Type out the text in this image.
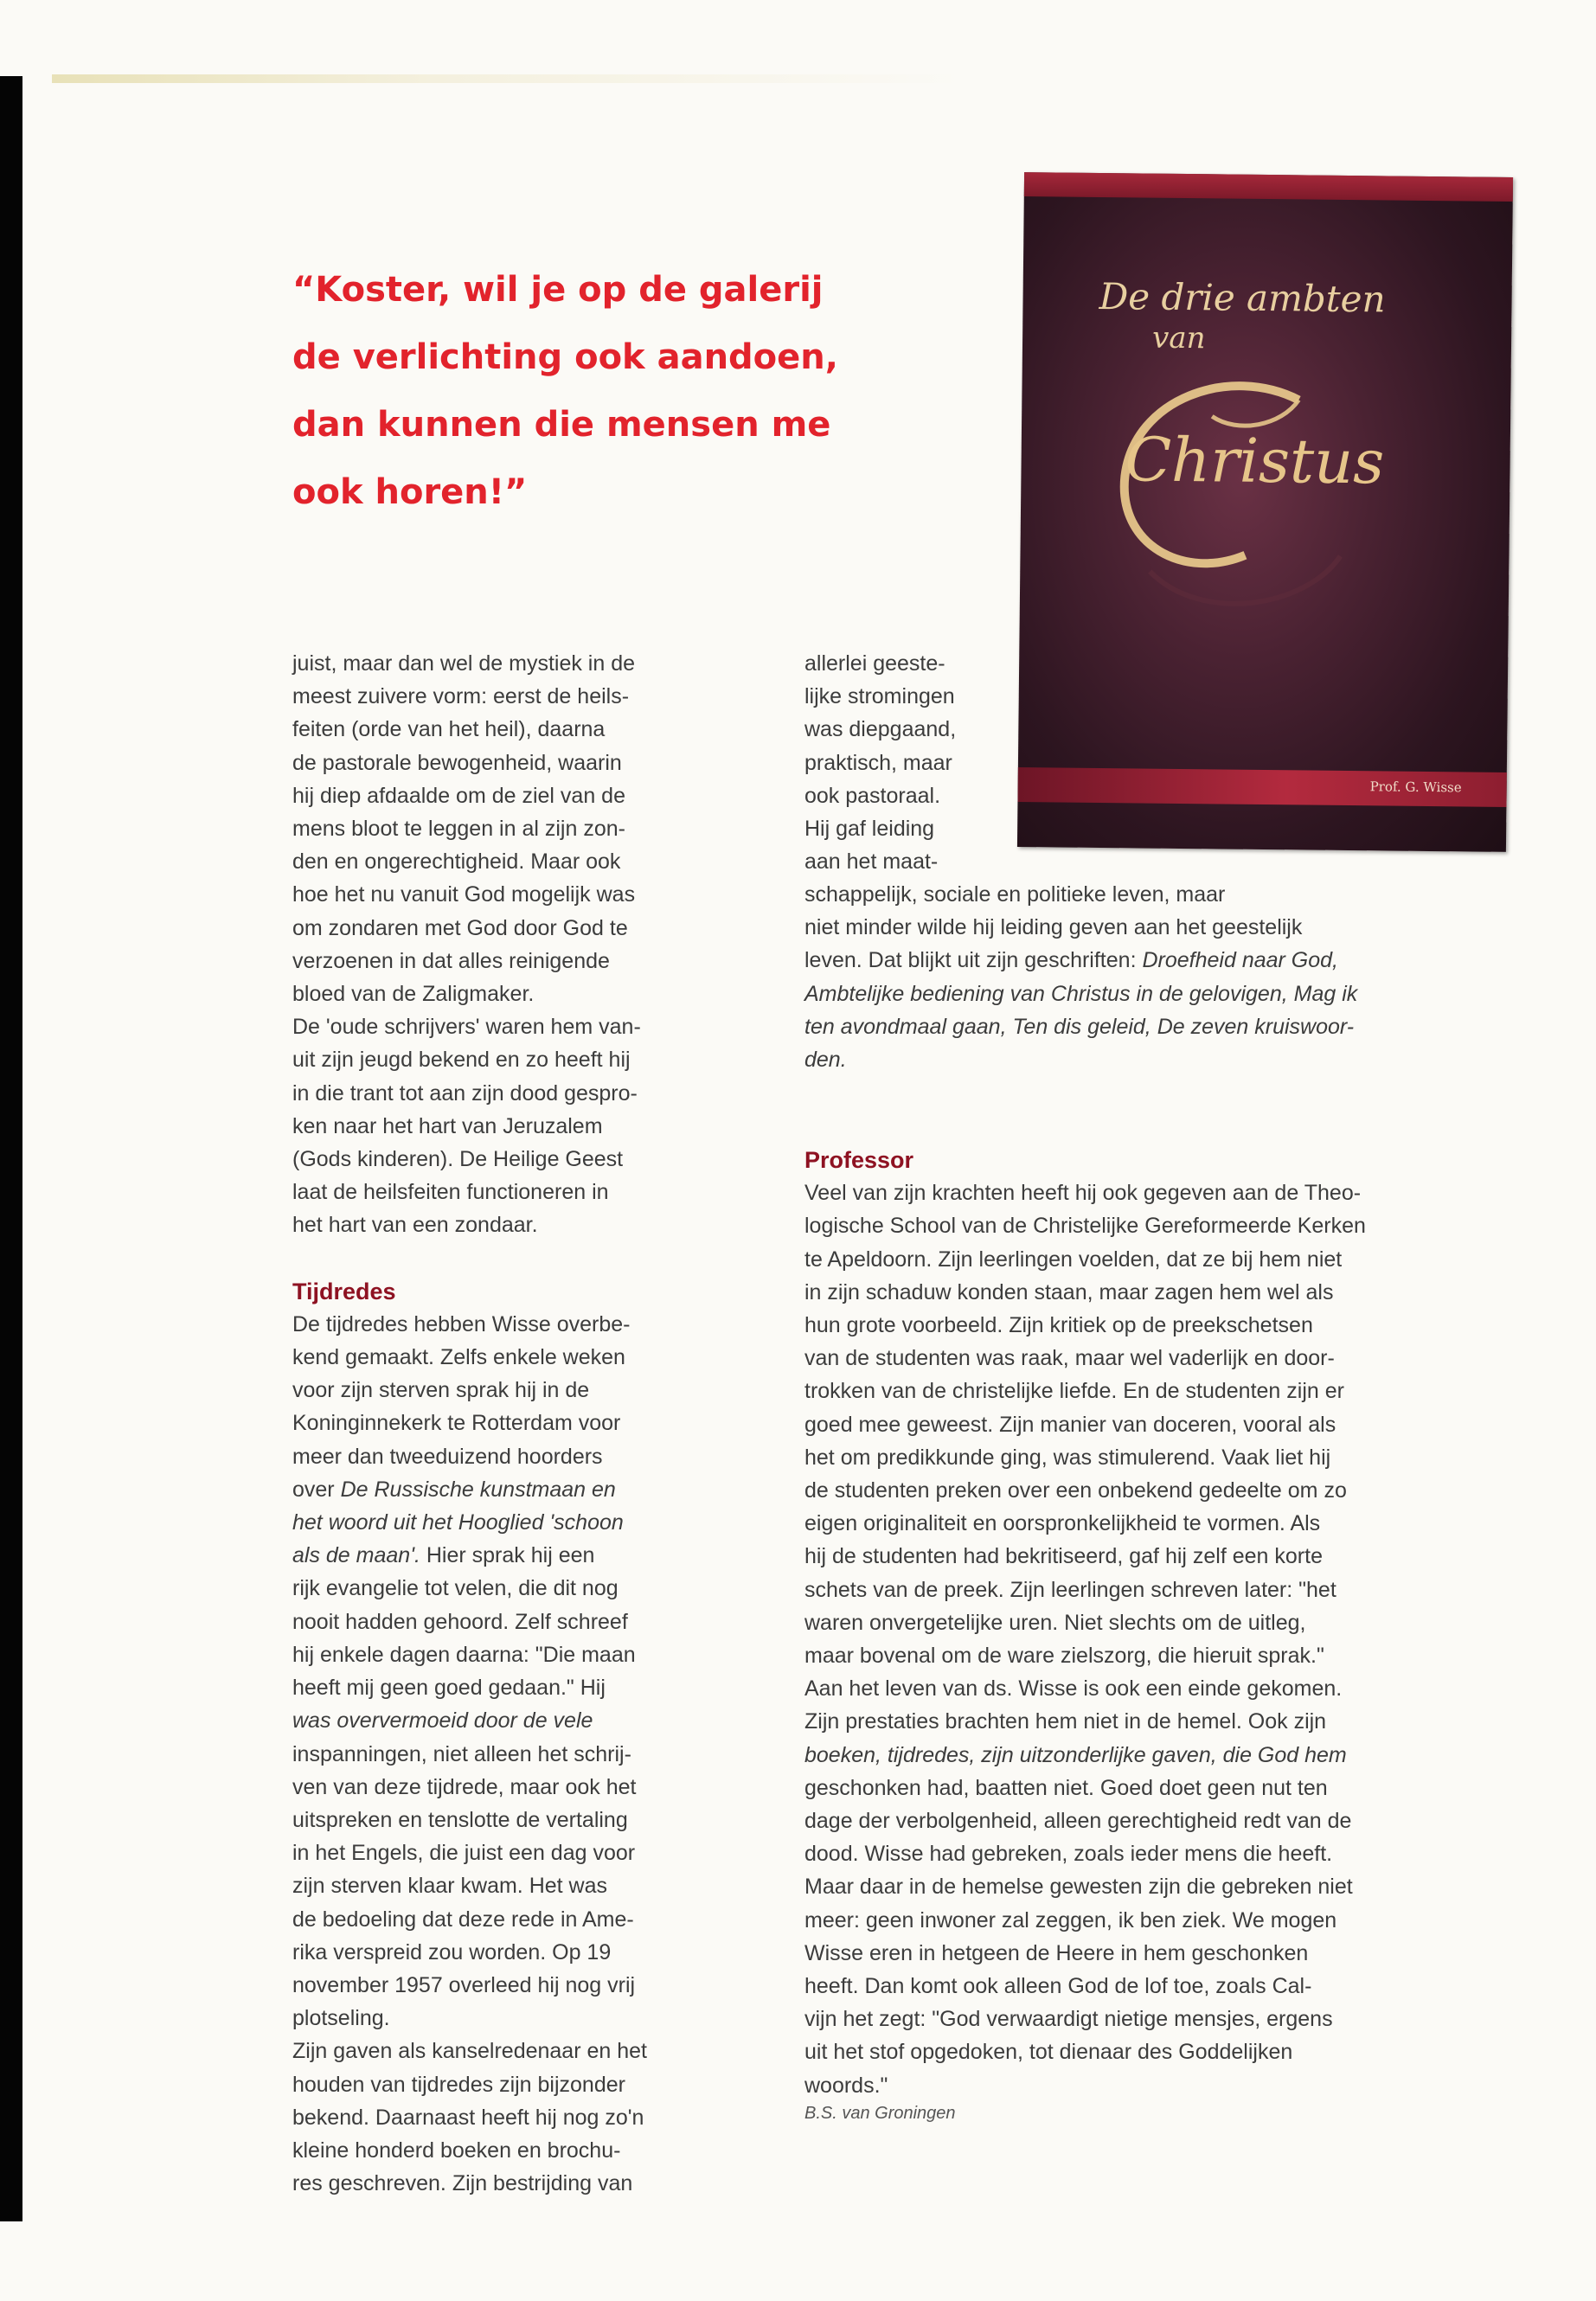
“Koster, wil je op de galerij
de verlichting ook aandoen,
dan kunnen die mensen me
ook horen!”
De drie ambten
van
Christus
Prof. G. Wisse

juist, maar dan wel de mystiek in de
meest zuivere vorm: eerst de heils-
feiten (orde van het heil), daarna
de pastorale bewogenheid, waarin
hij diep afdaalde om de ziel van de
mens bloot te leggen in al zijn zon-
den en ongerechtigheid. Maar ook
hoe het nu vanuit God mogelijk was
om zondaren met God door God te
verzoenen in dat alles reinigende
bloed van de Zaligmaker.

De 'oude schrijvers' waren hem van-
uit zijn jeugd bekend en zo heeft hij
in die trant tot aan zijn dood gespro-
ken naar het hart van Jeruzalem
(Gods kinderen). De Heilige Geest
laat de heilsfeiten functioneren in
het hart van een zondaar.

Tijdredes

De tijdredes hebben Wisse overbe-
kend gemaakt. Zelfs enkele weken
voor zijn sterven sprak hij in de
Koninginnekerk te Rotterdam voor
meer dan tweeduizend hoorders
over De Russische kunstmaan en
het woord uit het Hooglied 'schoon
als de maan'. Hier sprak hij een
rijk evangelie tot velen, die dit nog
nooit hadden gehoord. Zelf schreef
hij enkele dagen daarna: "Die maan
heeft mij geen goed gedaan." Hij
was oververmoeid door de vele
inspanningen, niet alleen het schrij-
ven van deze tijdrede, maar ook het
uitspreken en tenslotte de vertaling
in het Engels, die juist een dag voor
zijn sterven klaar kwam. Het was
de bedoeling dat deze rede in Ame-
rika verspreid zou worden. Op 19
november 1957 overleed hij nog vrij
plotseling.

Zijn gaven als kanselredenaar en het
houden van tijdredes zijn bijzonder
bekend. Daarnaast heeft hij nog zo'n
kleine honderd boeken en brochu-
res geschreven. Zijn bestrijding van

allerlei geeste-
lijke stromingen
was diepgaand,
praktisch, maar
ook pastoraal.
Hij gaf leiding
aan het maat-

schappelijk, sociale en politieke leven, maar
niet minder wilde hij leiding geven aan het geestelijk
leven. Dat blijkt uit zijn geschriften: Droefheid naar God,
Ambtelijke bediening van Christus in de gelovigen, Mag ik
ten avondmaal gaan, Ten dis geleid, De zeven kruiswoor-
den.

Professor

Veel van zijn krachten heeft hij ook gegeven aan de Theo-
logische School van de Christelijke Gereformeerde Kerken
te Apeldoorn. Zijn leerlingen voelden, dat ze bij hem niet
in zijn schaduw konden staan, maar zagen hem wel als
hun grote voorbeeld. Zijn kritiek op de preekschetsen
van de studenten was raak, maar wel vaderlijk en door-
trokken van de christelijke liefde. En de studenten zijn er
goed mee geweest. Zijn manier van doceren, vooral als
het om predikkunde ging, was stimulerend. Vaak liet hij
de studenten preken over een onbekend gedeelte om zo
eigen originaliteit en oorspronkelijkheid te vormen. Als
hij de studenten had bekritiseerd, gaf hij zelf een korte
schets van de preek. Zijn leerlingen schreven later: "het
waren onvergetelijke uren. Niet slechts om de uitleg,
maar bovenal om de ware zielszorg, die hieruit sprak."
Aan het leven van ds. Wisse is ook een einde gekomen.
Zijn prestaties brachten hem niet in de hemel. Ook zijn
boeken, tijdredes, zijn uitzonderlijke gaven, die God hem
geschonken had, baatten niet. Goed doet geen nut ten
dage der verbolgenheid, alleen gerechtigheid redt van de
dood. Wisse had gebreken, zoals ieder mens die heeft.
Maar daar in de hemelse gewesten zijn die gebreken niet
meer: geen inwoner zal zeggen, ik ben ziek. We mogen
Wisse eren in hetgeen de Heere in hem geschonken
heeft. Dan komt ook alleen God de lof toe, zoals Cal-
vijn het zegt: "God verwaardigt nietige mensjes, ergens
uit het stof opgedoken, tot dienaar des Goddelijken
woords."

B.S. van Groningen
